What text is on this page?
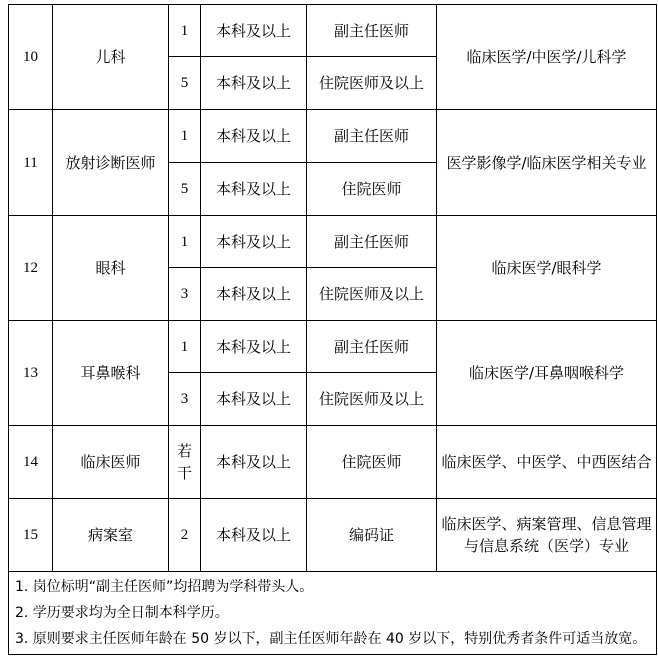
10	儿科	1	本科及以上	副主任医师	临床医学/中医学/儿科学
		5	本科及以上	住院医师及以上	
11	放射诊断医师	1	本科及以上	副主任医师	医学影像学/临床医学相关专业

		5	本科及以上	住院医师	
12	眼科	1	本科及以上	副主任医师	临床医学/眼科学
		3	本科及以上	住院医师及以上	
13	耳鼻喉科	1	本科及以上	副主任医师	临床医学/耳鼻咽喉科学
		3	本科及以上	住院医师及以上	
14	临床医师	若干	本科及以上	住院医师	临床医学、中医学、中西医结合

15	病案室	2	本科及以上	编码证	临床医学、病案管理、信息管理与信息系统（医学）专业

1. 岗位标明“副主任医师”均招聘为学科带头人。
2. 学历要求均为全日制本科学历。
3. 原则要求主任医师年龄在 50 岁以下，副主任医师年龄在 40 岁以下，特别优秀者条件可适当放宽。					
